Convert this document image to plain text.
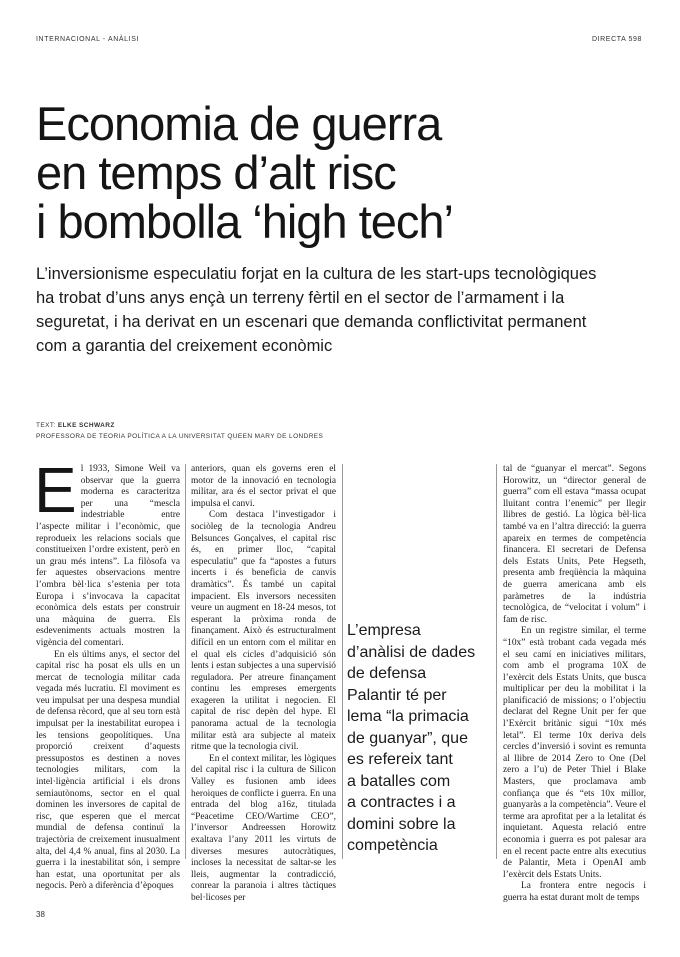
INTERNACIONAL - ANÀLISI	DIRECTA 598
Economia de guerra
en temps d’alt risc
i bombolla ‘high tech’
L’inversionisme especulatiu forjat en la cultura de les start-ups tecnològiques
ha trobat d’uns anys ençà un terreny fèrtil en el sector de l’armament i la
seguretat, i ha derivat en un escenari que demanda conflictivitat permanent
com a garantia del creixement econòmic
TEXT: ELKE SCHWARZ
PROFESSORA DE TEORIA POLÍTICA A LA UNIVERSITAT QUEEN MARY DE LONDRES

El 1933, Simone Weil va observar que la guerra moderna es caracteritza per una “mescla indestriable entre l’aspecte militar i l’econòmic, que reprodueix les relacions socials que constitueixen l’ordre existent, però en un grau més intens”. La filòsofa va fer aquestes observacions mentre l’ombra bèl·lica s’estenia per tota Europa i s’invocava la capacitat econòmica dels estats per construir una màquina de guerra. Els esdeveniments actuals mostren la vigència del comentari.

En els últims anys, el sector del capital risc ha posat els ulls en un mercat de tecnologia militar cada vegada més lucratiu. El moviment es veu impulsat per una despesa mundial de defensa rècord, que al seu torn està impulsat per la inestabilitat europea i les tensions geopolítiques. Una proporció creixent d’aquests pressupostos es destinen a noves tecnologies militars, com la intel·ligència artificial i els drons semiautònoms, sector en el qual dominen les inversores de capital de risc, que esperen que el mercat mundial de defensa continuï la trajectòria de creixement inusualment alta, del 4,4 % anual, fins al 2030. La guerra i la inestabilitat són, i sempre han estat, una oportunitat per als negocis. Però a diferència d’èpoques

anteriors, quan els governs eren el motor de la innovació en tecnologia militar, ara és el sector privat el que impulsa el canvi.

Com destaca l’investigador i sociòleg de la tecnologia Andreu Belsunces Gonçalves, el capital risc és, en primer lloc, “capital especulatiu” que fa “apostes a futurs incerts i és beneficia de canvis dramàtics”. És també un capital impacient. Els inversors necessiten veure un augment en 18-24 mesos, tot esperant la pròxima ronda de finançament. Això és estructuralment difícil en un entorn com el militar en el qual els cicles d’adquisició són lents i estan subjectes a una supervisió reguladora. Per atreure finançament continu les empreses emergents exageren la utilitat i negocien. El capital de risc depèn del hype. El panorama actual de la tecnologia militar està ara subjecte al mateix ritme que la tecnologia civil.

En el context militar, les lògiques del capital risc i la cultura de Silicon Valley es fusionen amb idees heroiques de conflicte i guerra. En una entrada del blog a16z, titulada “Peacetime CEO/Wartime CEO”, l’inversor Andreessen Horowitz exaltava l’any 2011 les virtuts de diverses mesures autocràtiques, incloses la necessitat de saltar-se les lleis, augmentar la contradicció, conrear la paranoia i altres tàctiques bel·licoses per

L’empresa
d’anàlisi de dades
de defensa
Palantir té per
lema “la primacia
de guanyar”, que
es refereix tant
a batalles com
a contractes i a
domini sobre la
competència

tal de “guanyar el mercat”. Segons Horowitz, un “director general de guerra” com ell estava “massa ocupat lluitant contra l’enemic” per llegir llibres de gestió. La lògica bèl·lica també va en l’altra direcció: la guerra apareix en termes de competència financera. El secretari de Defensa dels Estats Units, Pete Hegseth, presenta amb freqüència la màquina de guerra americana amb els paràmetres de la indústria tecnològica, de “velocitat i volum” i fam de risc.

En un registre similar, el terme “10x” està trobant cada vegada més el seu camí en iniciatives militars, com amb el programa 10X de l’exèrcit dels Estats Units, que busca multiplicar per deu la mobilitat i la planificació de missions; o l’objectiu declarat del Regne Unit per fer que l’Exèrcit britànic sigui “10x més letal”. El terme 10x deriva dels cercles d’inversió i sovint es remunta al llibre de 2014 Zero to One (Del zero a l’u) de Peter Thiel i Blake Masters, que proclamava amb confiança que és “ets 10x millor, guanyaràs a la competència”. Veure el terme ara aprofitat per a la letalitat és inquietant. Aquesta relació entre economia i guerra es pot palesar ara en el recent pacte entre alts executius de Palantir, Meta i OpenAI amb l’exèrcit dels Estats Units.

La frontera entre negocis i guerra ha estat durant molt de temps

38
